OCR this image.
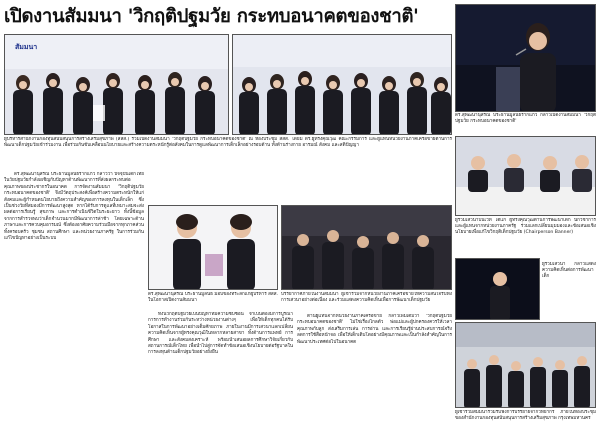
เปิดงานสัมมนา 'วิกฤติปฐมวัย กระทบอนาคตของชาติ'
สัมมนา
ดร.สุพัฒนานุสรณ์ ประธานมูลนิธิรากแก้ว กล่าวเปิดงานสัมมนา 'วิกฤติปฐมวัย กระทบอนาคตของชาติ'
ผู้บริหารสำนักงานกองทุนสนับสนุนการสร้างเสริมสุขภาพ (สสส.) ร่วมเปิดงานสัมมนา 'วิกฤติปฐมวัย กระทบอนาคตของชาติ' ณ ห้องประชุม สสส. โดยมี ดร.ผู้ทรงคุณวุฒิ คณะกรรมการ และผู้แทนหน่วยงานภาคีเครือข่ายด้านการพัฒนาเด็กปฐมวัยเข้าร่วมงาน เพื่อร่วมกันขับเคลื่อนนโยบายและสร้างความตระหนักรู้ต่อสังคมในการดูแลพัฒนาการเด็กเล็กอย่างรอบด้าน ทั้งด้านร่างกาย อารมณ์ สังคม และสติปัญญา
ผู้ร่วมเสวนาบนเวที ได้แก่ ผู้ทรงคุณวุฒิด้านการพัฒนาเด็ก นักวิชาการ และผู้แทนจากหน่วยงานภาครัฐ ร่วมแลกเปลี่ยนมุมมองและข้อเสนอเชิงนโยบายเพื่อแก้ไขวิกฤติเด็กปฐมวัย (Chairperson Banner)
ดร.สุพัฒนานุสรณ์ ประธานมูลนิธิรากแก้ว กล่าวว่า ปัจจุบันเด็กไทยในวัยปฐมวัยกำลังเผชิญกับปัญหาด้านพัฒนาการที่ส่งผลกระทบต่อคุณภาพของประชากรในอนาคต การจัดงานสัมมนา 'วิกฤติปฐมวัย กระทบอนาคตของชาติ' จึงมีวัตถุประสงค์เพื่อสร้างความตระหนักให้แก่สังคมและผู้กำหนดนโยบายถึงความสำคัญของการลงทุนในเด็กเล็ก ซึ่งเป็นช่วงวัยที่สมองมีการพัฒนาสูงสุด หากได้รับการดูแลที่เหมาะสมจะส่งผลต่อการเรียนรู้ สุขภาพ และการดำเนินชีวิตในระยะยาว ทั้งนี้ข้อมูลจากการสำรวจพบว่าเด็กจำนวนมากมีพัฒนาการล่าช้า โดยเฉพาะด้านภาษาและการควบคุมอารมณ์ ซึ่งต้องอาศัยความร่วมมือจากทุกภาคส่วน ทั้งครอบครัว ชุมชน สถานศึกษา และหน่วยงานภาครัฐ ในการร่วมกันแก้ไขปัญหาอย่างเป็นระบบ
ดร.สุพัฒนานุสรณ์ ประธานมูลนิธิ มอบของที่ระลึกแก่ผู้บริหาร สสส. ในโอกาสเปิดงานสัมมนา
บรรยากาศภายในงานสัมมนา ผู้เข้าร่วมจากหน่วยงานภาคีเครือข่ายให้ความสนใจรับฟังการเสวนาอย่างต่อเนื่อง และร่วมแสดงความคิดเห็นเพื่อการพัฒนาเด็กปฐมวัย
ทั้งนี้วิกฤติปฐมวัยเป็นปัญหาที่มีความซับซ้อน จำเป็นต้องมีการบูรณาการการทำงานร่วมกันระหว่างหน่วยงานต่างๆ เพื่อให้เด็กทุกคนได้รับโอกาสในการพัฒนาอย่างเต็มศักยภาพ ภายในงานมีการเสวนาแลกเปลี่ยนความคิดเห็นจากผู้ทรงคุณวุฒิในหลากหลายสาขา ทั้งด้านการแพทย์ การศึกษา และสังคมสงเคราะห์ พร้อมนำเสนอผลการศึกษาวิจัยเกี่ยวกับสถานการณ์เด็กไทย เพื่อนำไปสู่การจัดทำข้อเสนอเชิงนโยบายต่อรัฐบาลในการลงทุนด้านเด็กปฐมวัยอย่างยั่งยืน
ด้านผู้แทนจากหน่วยงานภาคีเครือข่าย กล่าวเพิ่มเติมว่า 'วิกฤติปฐมวัยกระทบอนาคตของชาติ' ไม่ใช่เรื่องไกลตัว พ่อแม่และผู้ปกครองควรให้เวลาคุณภาพกับลูก ส่งเสริมการเล่น การอ่าน และการเรียนรู้ผ่านประสบการณ์จริง ลดการใช้สื่อหน้าจอ เพื่อให้เด็กเติบโตอย่างมีคุณภาพและเป็นกำลังสำคัญในการพัฒนาประเทศต่อไปในอนาคต
ผู้ร่วมเสวนา กล่าวแสดงความคิดเห็นต่อการพัฒนาเด็ก
ผู้เข้าร่วมสัมมนาร่วมรับฟังการบรรยายจากวิทยากร ภายในห้องประชุมของสำนักงานกองทุนสนับสนุนการสร้างเสริมสุขภาพ กรุงเทพมหานคร
